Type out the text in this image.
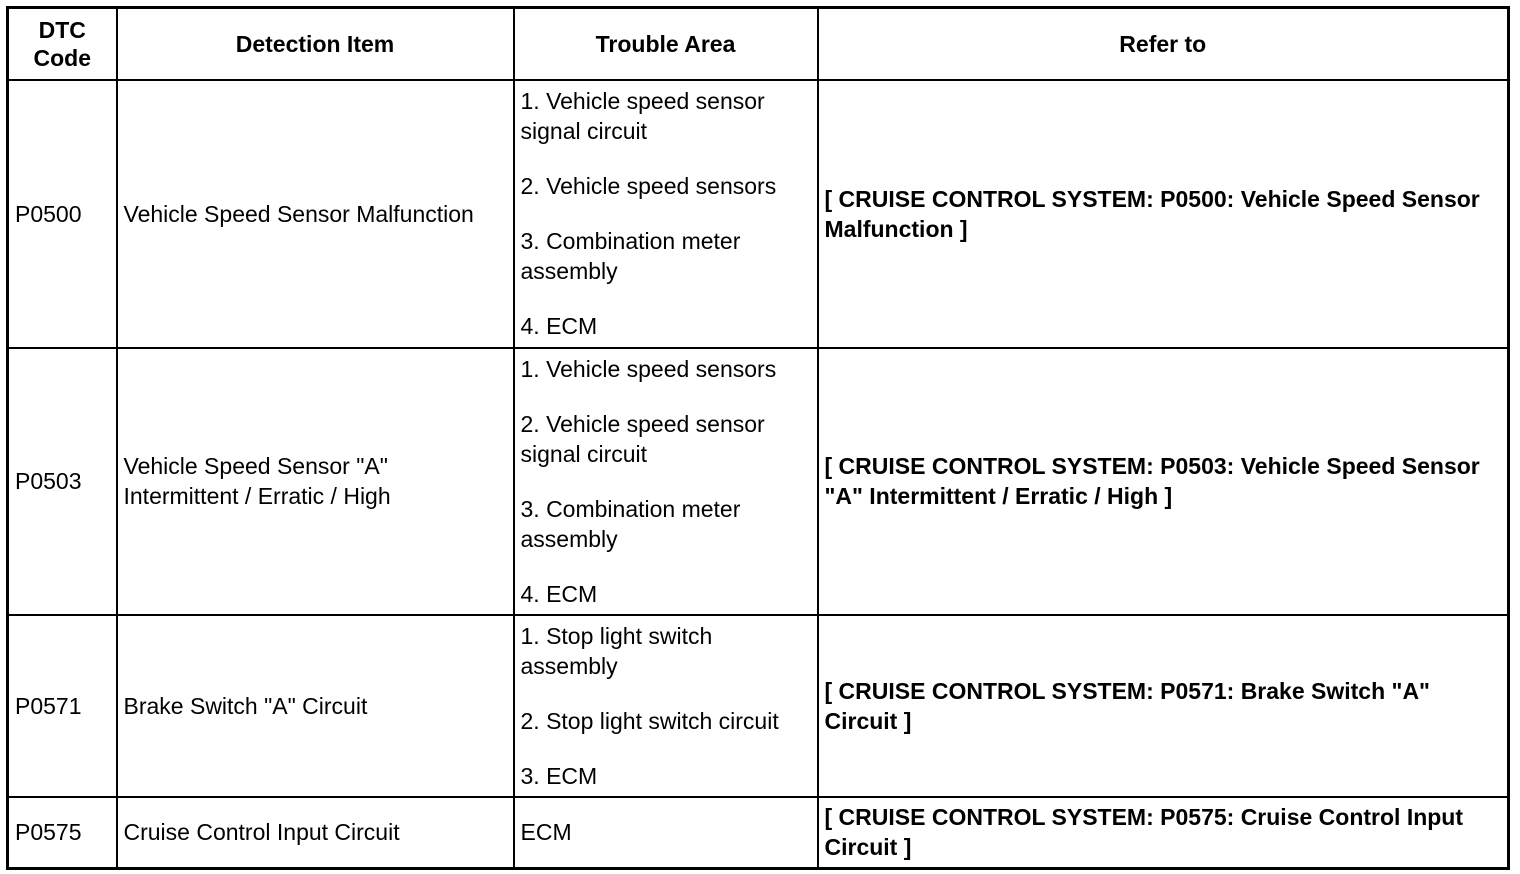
DTC Code	Detection Item	Trouble Area	Refer to
P0500	Vehicle Speed Sensor Malfunction	1. Vehicle speed sensor signal circuit

2. Vehicle speed sensors

3. Combination meter assembly

4. ECM	[ CRUISE CONTROL SYSTEM: P0500: Vehicle Speed Sensor Malfunction ]
P0503	Vehicle Speed Sensor "A" Intermittent / Erratic / High	1. Vehicle speed sensors

2. Vehicle speed sensor signal circuit

3. Combination meter assembly

4. ECM	[ CRUISE CONTROL SYSTEM: P0503: Vehicle Speed Sensor "A" Intermittent / Erratic / High ]
P0571	Brake Switch "A" Circuit	1. Stop light switch assembly

2. Stop light switch circuit

3. ECM	[ CRUISE CONTROL SYSTEM: P0571: Brake Switch "A" Circuit ]
P0575	Cruise Control Input Circuit	ECM	[ CRUISE CONTROL SYSTEM: P0575: Cruise Control Input Circuit ]
